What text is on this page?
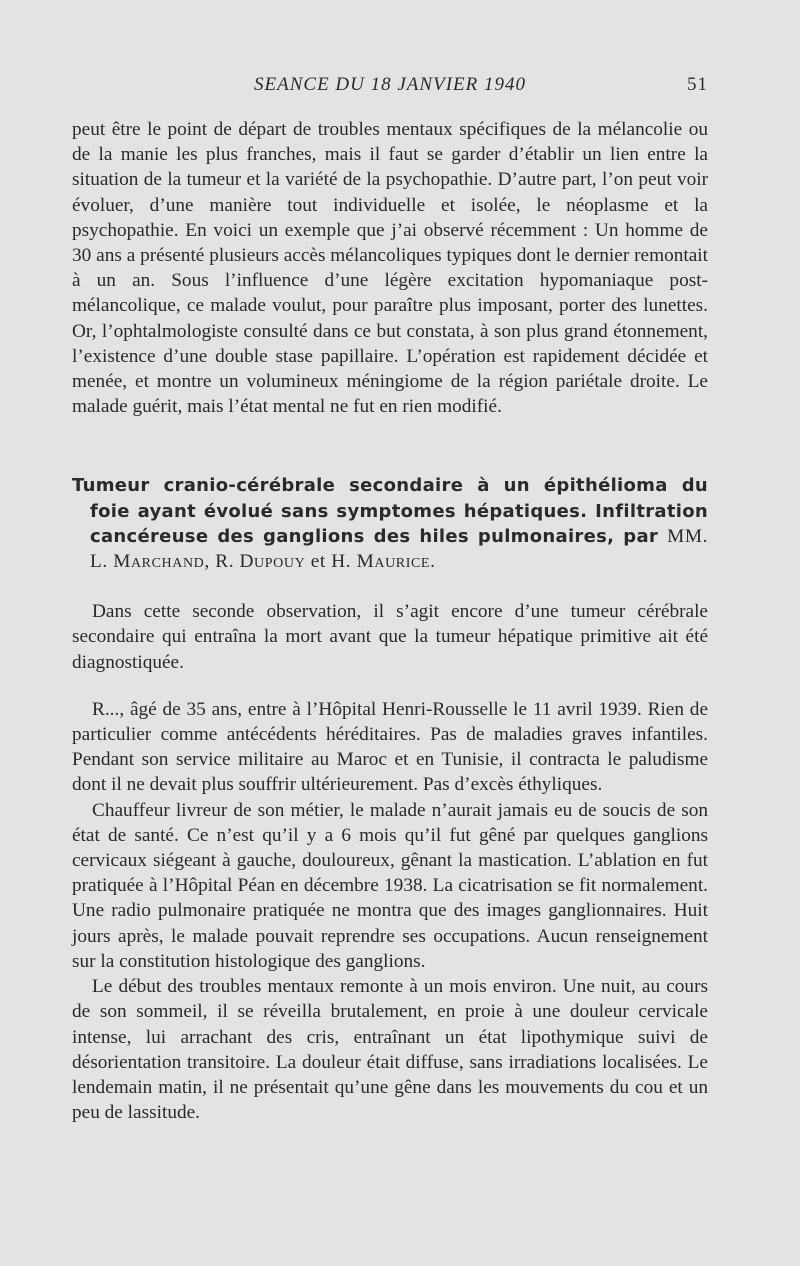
SEANCE DU 18 JANVIER 1940	51

peut être le point de départ de troubles mentaux spécifiques de la mélancolie ou de la manie les plus franches, mais il faut se garder d’établir un lien entre la situation de la tumeur et la variété de la psychopathie. D’autre part, l’on peut voir évoluer, d’une manière tout individuelle et isolée, le néoplasme et la psychopathie. En voici un exemple que j’ai observé récemment : Un homme de 30 ans a présenté plusieurs accès mélancoliques typiques dont le dernier remontait à un an. Sous l’influence d’une légère excitation hypomaniaque post-mélancolique, ce malade voulut, pour paraître plus imposant, porter des lunettes. Or, l’ophtalmologiste consulté dans ce but constata, à son plus grand étonnement, l’existence d’une double stase papillaire. L’opération est rapidement décidée et menée, et montre un volumineux méningiome de la région pariétale droite. Le malade guérit, mais l’état mental ne fut en rien modifié.

Tumeur cranio-cérébrale secondaire à un épithélioma du foie ayant évolué sans symptomes hépatiques. Infiltration cancéreuse des ganglions des hiles pulmonaires, par MM. L. Marchand, R. Dupouy et H. Maurice.

Dans cette seconde observation, il s’agit encore d’une tumeur cérébrale secondaire qui entraîna la mort avant que la tumeur hépatique primitive ait été diagnostiquée.

R..., âgé de 35 ans, entre à l’Hôpital Henri-Rousselle le 11 avril 1939. Rien de particulier comme antécédents héréditaires. Pas de maladies graves infantiles. Pendant son service militaire au Maroc et en Tunisie, il contracta le paludisme dont il ne devait plus souffrir ultérieurement. Pas d’excès éthyliques.

Chauffeur livreur de son métier, le malade n’aurait jamais eu de soucis de son état de santé. Ce n’est qu’il y a 6 mois qu’il fut gêné par quelques ganglions cervicaux siégeant à gauche, douloureux, gênant la mastication. L’ablation en fut pratiquée à l’Hôpital Péan en décembre 1938. La cicatrisation se fit normalement. Une radio pulmonaire pratiquée ne montra que des images ganglionnaires. Huit jours après, le malade pouvait reprendre ses occupations. Aucun renseignement sur la constitution histologique des ganglions.

Le début des troubles mentaux remonte à un mois environ. Une nuit, au cours de son sommeil, il se réveilla brutalement, en proie à une douleur cervicale intense, lui arrachant des cris, entraînant un état lipothymique suivi de désorientation transitoire. La douleur était diffuse, sans irradiations localisées. Le lendemain matin, il ne présentait qu’une gêne dans les mouvements du cou et un peu de lassitude.
